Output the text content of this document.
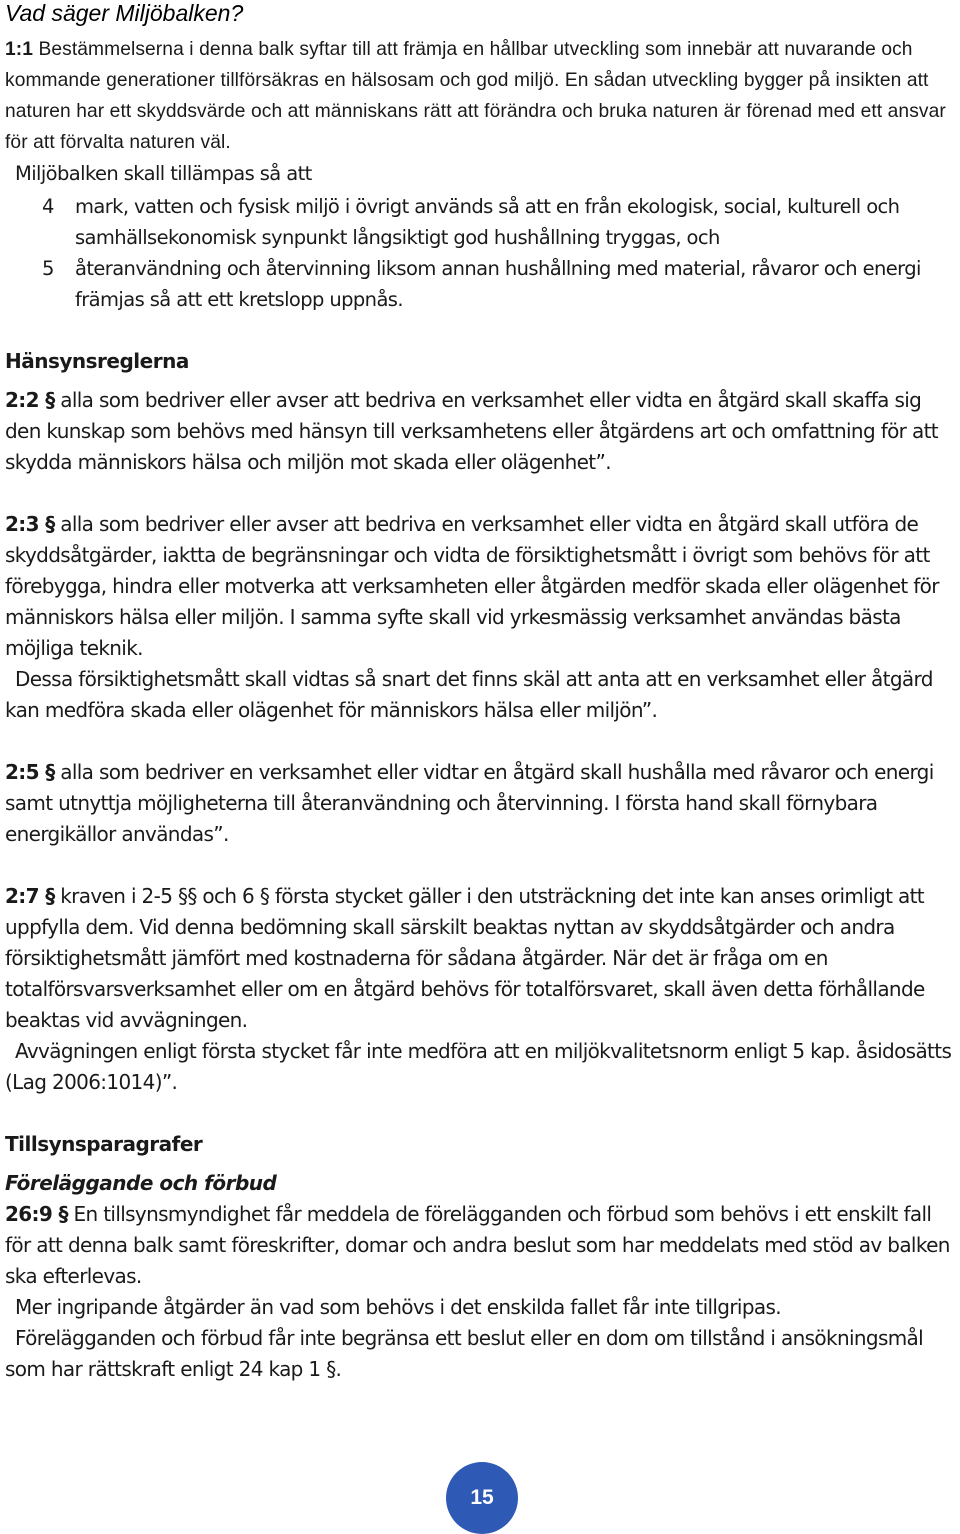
Vad säger Miljöbalken?

1:1 Bestämmelserna i denna balk syftar till att främja en hållbar utveckling som innebär att nuvarande och kommande generationer tillförsäkras en hälsosam och god miljö. En sådan utveckling bygger på insikten att naturen har ett skyddsvärde och att människans rätt att förändra och bruka naturen är förenad med ett ansvar för att förvalta naturen väl.

Miljöbalken skall tillämpas så att

4 mark, vatten och fysisk miljö i övrigt används så att en från ekologisk, social, kulturell och samhällsekonomisk synpunkt långsiktigt god hushållning tryggas, och
5 återanvändning och återvinning liksom annan hushållning med material, råvaror och energi främjas så att ett kretslopp uppnås.
Hänsynsreglerna

2:2 § alla som bedriver eller avser att bedriva en verksamhet eller vidta en åtgärd skall skaffa sig den kunskap som behövs med hänsyn till verksamhetens eller åtgärdens art och omfattning för att skydda människors hälsa och miljön mot skada eller olägenhet”.

2:3 § alla som bedriver eller avser att bedriva en verksamhet eller vidta en åtgärd skall utföra de skyddsåtgärder, iaktta de begränsningar och vidta de försiktighetsmått i övrigt som behövs för att förebygga, hindra eller motverka att verksamheten eller åtgärden medför skada eller olägenhet för människors hälsa eller miljön. I samma syfte skall vid yrkesmässig verksamhet användas bästa möjliga teknik.

Dessa försiktighetsmått skall vidtas så snart det finns skäl att anta att en verksamhet eller åtgärd kan medföra skada eller olägenhet för människors hälsa eller miljön”.

2:5 § alla som bedriver en verksamhet eller vidtar en åtgärd skall hushålla med råvaror och energi samt utnyttja möjligheterna till återanvändning och återvinning. I första hand skall förnybara energikällor användas”.

2:7 § kraven i 2-5 §§ och 6 § första stycket gäller i den utsträckning det inte kan anses orimligt att uppfylla dem. Vid denna bedömning skall särskilt beaktas nyttan av skyddsåtgärder och andra försiktighetsmått jämfört med kostnaderna för sådana åtgärder. När det är fråga om en totalförsvarsverksamhet eller om en åtgärd behövs för totalförsvaret, skall även detta förhållande beaktas vid avvägningen.

Avvägningen enligt första stycket får inte medföra att en miljökvalitetsnorm enligt 5 kap. åsidosätts (Lag 2006:1014)”.

Tillsynsparagrafer
Föreläggande och förbud

26:9 § En tillsynsmyndighet får meddela de förelägganden och förbud som behövs i ett enskilt fall för att denna balk samt föreskrifter, domar och andra beslut som har meddelats med stöd av balken ska efterlevas.

Mer ingripande åtgärder än vad som behövs i det enskilda fallet får inte tillgripas.

Förelägganden och förbud får inte begränsa ett beslut eller en dom om tillstånd i ansökningsmål som har rättskraft enligt 24 kap 1 §.

15
